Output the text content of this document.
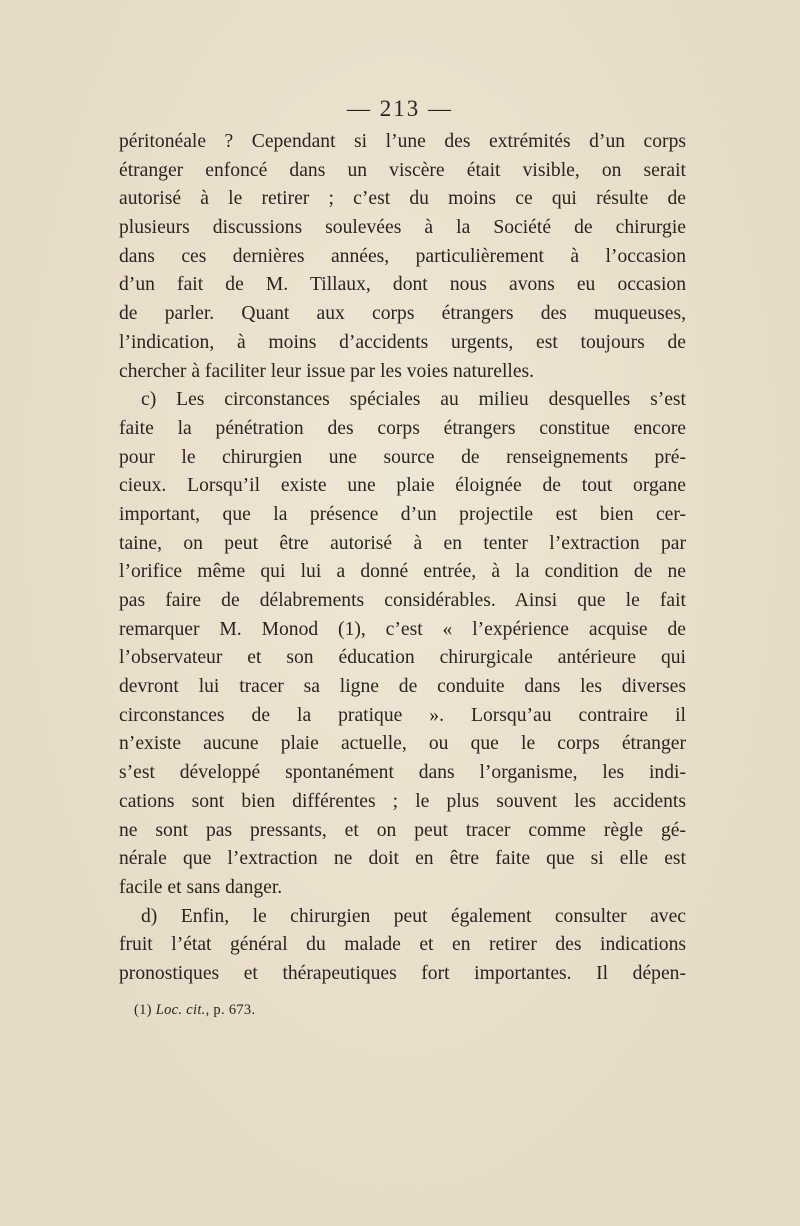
— 213 —
péritonéale ? Cependant si l’une des extrémités d’un corps
étranger enfoncé dans un viscère était visible, on serait
autorisé à le retirer ; c’est du moins ce qui résulte de
plusieurs discussions soulevées à la Société de chirurgie
dans ces dernières années, particulièrement à l’occasion
d’un fait de M. Tillaux, dont nous avons eu occasion
de parler. Quant aux corps étrangers des muqueuses,
l’indication, à moins d’accidents urgents, est toujours de
chercher à faciliter leur issue par les voies naturelles.
c) Les circonstances spéciales au milieu desquelles s’est
faite la pénétration des corps étrangers constitue encore
pour le chirurgien une source de renseignements pré-
cieux. Lorsqu’il existe une plaie éloignée de tout organe
important, que la présence d’un projectile est bien cer-
taine, on peut être autorisé à en tenter l’extraction par
l’orifice même qui lui a donné entrée, à la condition de ne
pas faire de délabrements considérables. Ainsi que le fait
remarquer M. Monod (1), c’est « l’expérience acquise de
l’observateur et son éducation chirurgicale antérieure qui
devront lui tracer sa ligne de conduite dans les diverses
circonstances de la pratique ». Lorsqu’au contraire il
n’existe aucune plaie actuelle, ou que le corps étranger
s’est développé spontanément dans l’organisme, les indi-
cations sont bien différentes ; le plus souvent les accidents
ne sont pas pressants, et on peut tracer comme règle gé-
nérale que l’extraction ne doit en être faite que si elle est
facile et sans danger.
d) Enfin, le chirurgien peut également consulter avec
fruit l’état général du malade et en retirer des indications
pronostiques et thérapeutiques fort importantes. Il dépen-
(1) Loc. cit., p. 673.
